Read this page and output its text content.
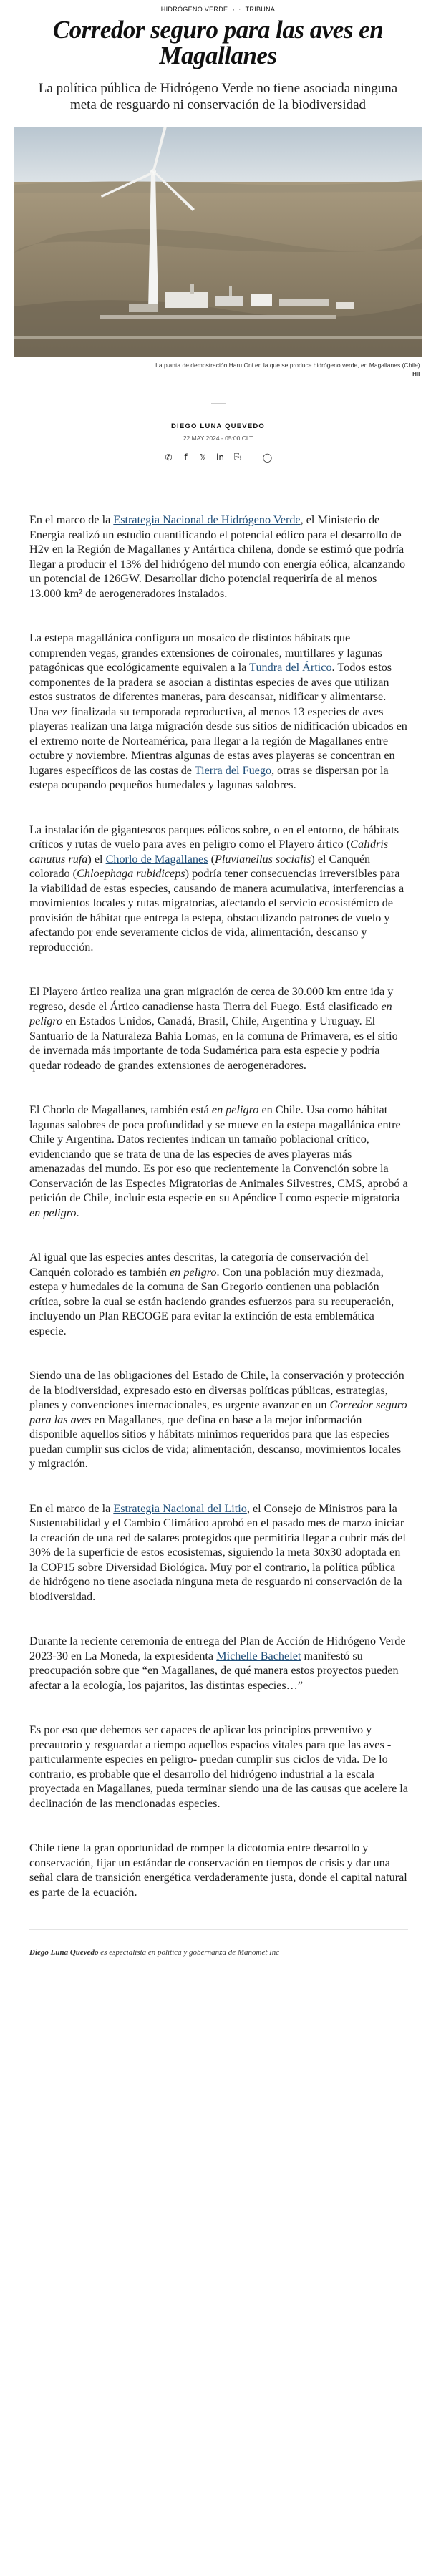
HIDRÓGENO VERDE › · TRIBUNA
Corredor seguro para las aves en Magallanes
La política pública de Hidrógeno Verde no tiene asociada ninguna meta de resguardo ni conservación de la biodiversidad
La planta de demostración Haru Oni en la que se produce hidrógeno verde, en Magallanes (Chile).
HIF
DIEGO LUNA QUEVEDO
22 MAY 2024 - 05:00 CLT
✆	f	𝕏 in ⎘	◯

En el marco de la Estrategia Nacional de Hidrógeno Verde, el Ministerio de Energía realizó un estudio cuantificando el potencial eólico para el desarrollo de H2v en la Región de Magallanes y Antártica chilena, donde se estimó que podría llegar a producir el 13% del hidrógeno del mundo con energía eólica, alcanzando un potencial de 126GW. Desarrollar dicho potencial requeriría de al menos 13.000 km² de aerogeneradores instalados.

La estepa magallánica configura un mosaico de distintos hábitats que comprenden vegas, grandes extensiones de coironales, murtillares y lagunas patagónicas que ecológicamente equivalen a la Tundra del Ártico. Todos estos componentes de la pradera se asocian a distintas especies de aves que utilizan estos sustratos de diferentes maneras, para descansar, nidificar y alimentarse. Una vez finalizada su temporada reproductiva, al menos 13 especies de aves playeras realizan una larga migración desde sus sitios de nidificación ubicados en el extremo norte de Norteamérica, para llegar a la región de Magallanes entre octubre y noviembre. Mientras algunas de estas aves playeras se concentran en lugares específicos de las costas de Tierra del Fuego, otras se dispersan por la estepa ocupando pequeños humedales y lagunas salobres.

La instalación de gigantescos parques eólicos sobre, o en el entorno, de hábitats críticos y rutas de vuelo para aves en peligro como el Playero ártico (Calidris canutus rufa) el Chorlo de Magallanes (Pluvianellus socialis) el Canquén colorado (Chloephaga rubidiceps) podría tener consecuencias irreversibles para la viabilidad de estas especies, causando de manera acumulativa, interferencias a movimientos locales y rutas migratorias, afectando el servicio ecosistémico de provisión de hábitat que entrega la estepa, obstaculizando patrones de vuelo y afectando por ende severamente ciclos de vida, alimentación, descanso y reproducción.

El Playero ártico realiza una gran migración de cerca de 30.000 km entre ida y regreso, desde el Ártico canadiense hasta Tierra del Fuego. Está clasificado en peligro en Estados Unidos, Canadá, Brasil, Chile, Argentina y Uruguay. El Santuario de la Naturaleza Bahía Lomas, en la comuna de Primavera, es el sitio de invernada más importante de toda Sudamérica para esta especie y podría quedar rodeado de grandes extensiones de aerogeneradores.

El Chorlo de Magallanes, también está en peligro en Chile. Usa como hábitat lagunas salobres de poca profundidad y se mueve en la estepa magallánica entre Chile y Argentina. Datos recientes indican un tamaño poblacional crítico, evidenciando que se trata de una de las especies de aves playeras más amenazadas del mundo. Es por eso que recientemente la Convención sobre la Conservación de las Especies Migratorias de Animales Silvestres, CMS, aprobó a petición de Chile, incluir esta especie en su Apéndice I como especie migratoria en peligro.

Al igual que las especies antes descritas, la categoría de conservación del Canquén colorado es también en peligro. Con una población muy diezmada, estepa y humedales de la comuna de San Gregorio contienen una población crítica, sobre la cual se están haciendo grandes esfuerzos para su recuperación, incluyendo un Plan RECOGE para evitar la extinción de esta emblemática especie.

Siendo una de las obligaciones del Estado de Chile, la conservación y protección de la biodiversidad, expresado esto en diversas políticas públicas, estrategias, planes y convenciones internacionales, es urgente avanzar en un Corredor seguro para las aves en Magallanes, que defina en base a la mejor información disponible aquellos sitios y hábitats mínimos requeridos para que las especies puedan cumplir sus ciclos de vida; alimentación, descanso, movimientos locales y migración.

En el marco de la Estrategia Nacional del Litio, el Consejo de Ministros para la Sustentabilidad y el Cambio Climático aprobó en el pasado mes de marzo iniciar la creación de una red de salares protegidos que permitiría llegar a cubrir más del 30% de la superficie de estos ecosistemas, siguiendo la meta 30x30 adoptada en la COP15 sobre Diversidad Biológica. Muy por el contrario, la política pública de hidrógeno no tiene asociada ninguna meta de resguardo ni conservación de la biodiversidad.

Durante la reciente ceremonia de entrega del Plan de Acción de Hidrógeno Verde 2023-30 en La Moneda, la expresidenta Michelle Bachelet manifestó su preocupación sobre que “en Magallanes, de qué manera estos proyectos pueden afectar a la ecología, los pajaritos, las distintas especies…”

Es por eso que debemos ser capaces de aplicar los principios preventivo y precautorio y resguardar a tiempo aquellos espacios vitales para que las aves -particularmente especies en peligro- puedan cumplir sus ciclos de vida. De lo contrario, es probable que el desarrollo del hidrógeno industrial a la escala proyectada en Magallanes, pueda terminar siendo una de las causas que acelere la declinación de las mencionadas especies.

Chile tiene la gran oportunidad de romper la dicotomía entre desarrollo y conservación, fijar un estándar de conservación en tiempos de crisis y dar una señal clara de transición energética verdaderamente justa, donde el capital natural es parte de la ecuación.

Diego Luna Quevedo es especialista en política y gobernanza de Manomet Inc
